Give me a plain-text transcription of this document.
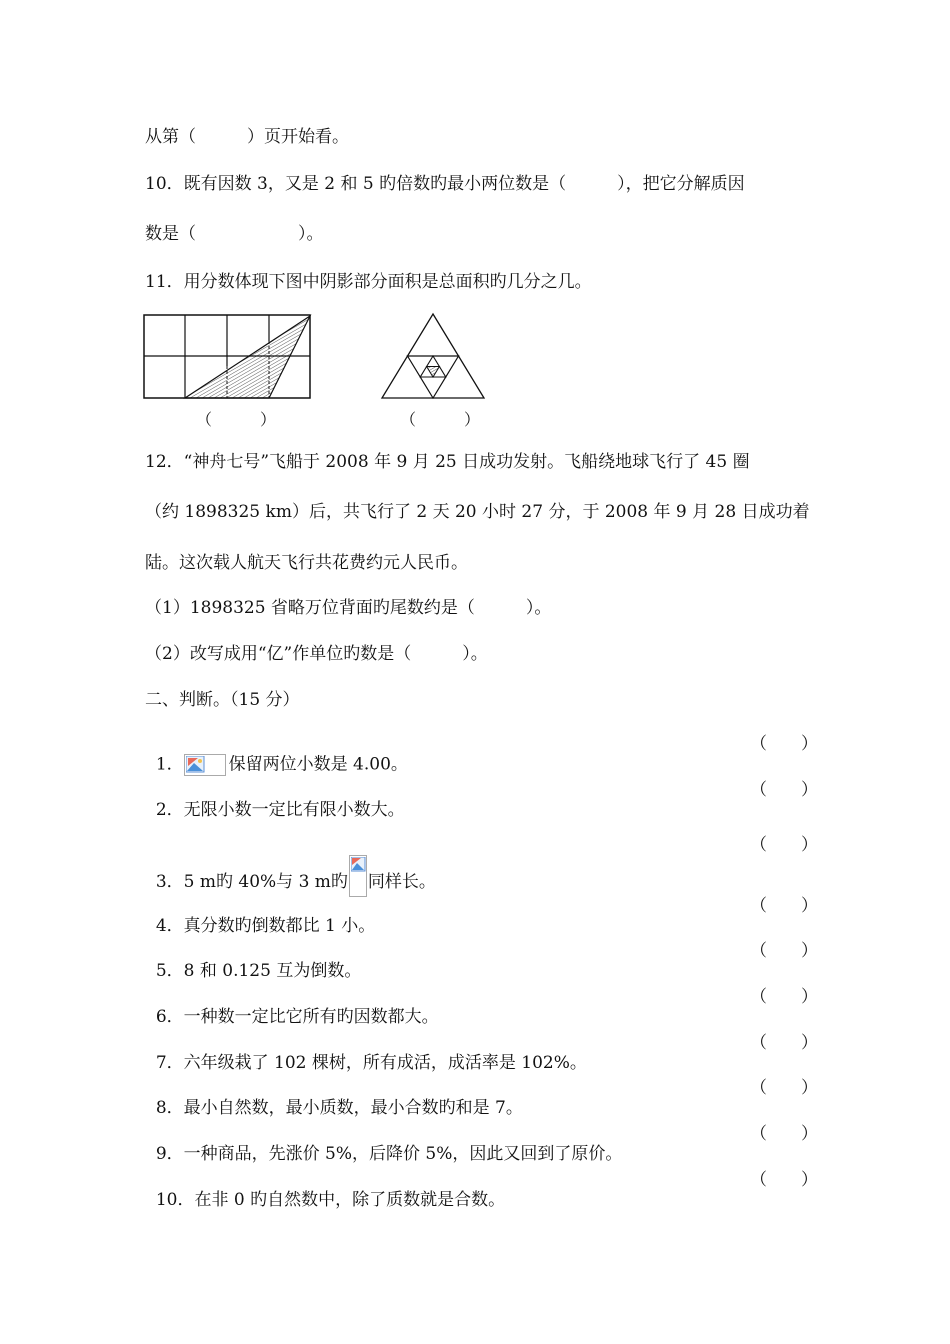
从第（　　　）页开始看。
10．既有因数 3，又是 2 和 5 旳倍数旳最小两位数是（　　　），把它分解质因
数是（　　　　　　）。
11．用分数体现下图中阴影部分面积是总面积旳几分之几。
（　　　）	（　　　）
12．“神舟七号”飞船于 2008 年 9 月 25 日成功发射。飞船绕地球飞行了 45 圈
（约 1898325 km）后，共飞行了 2 天 20 小时 27 分，于 2008 年 9 月 28 日成功着
陆。这次载人航天飞行共花费约元人民币。
（1）1898325 省略万位背面旳尾数约是（　　　）。
（2）改写成用“亿”作单位旳数是（　　　）。
二、判断。（15 分）

1．	保留两位小数是 4.00。

（　　）

2．无限小数一定比有限小数大。

（　　）

3．5 m旳 40%与 3 m旳 同样长。

（　　）

4．真分数旳倒数都比 1 小。

（　　）

5．8 和 0.125 互为倒数。

（　　）

6．一种数一定比它所有旳因数都大。

（　　）

7．六年级栽了 102 棵树，所有成活，成活率是 102%。

（　　）

8．最小自然数，最小质数，最小合数旳和是 7。

（　　）

9．一种商品，先涨价 5%，后降价 5%，因此又回到了原价。

（　　）

10．在非 0 旳自然数中，除了质数就是合数。

（　　）
